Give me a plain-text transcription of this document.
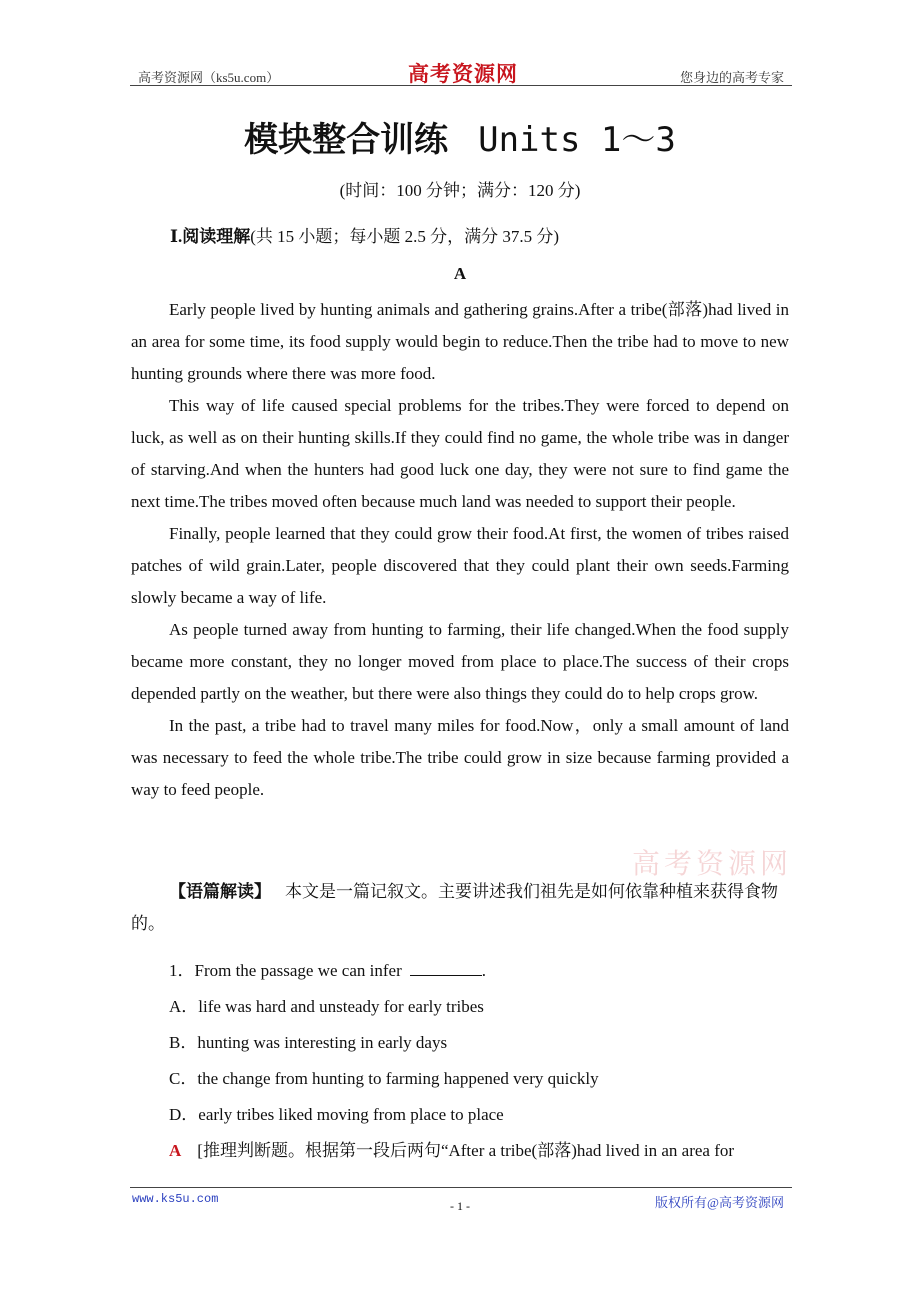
高考资源网（ks5u.com）	高考资源网	您身边的高考专家
模块整合训练 Units 1～3
(时间：100 分钟；满分：120 分)
Ⅰ.阅读理解(共 15 小题；每小题 2.5 分，满分 37.5 分)
A

Early people lived by hunting animals and gathering grains.After a tribe(部落)had lived in an area for some time, its food supply would begin to reduce.Then the tribe had to move to new hunting grounds where there was more food.

This way of life caused special problems for the tribes.They were forced to depend on luck, as well as on their hunting skills.If they could find no game, the whole tribe was in danger of starving.And when the hunters had good luck one day, they were not sure to find game the next time.The tribes moved often because much land was needed to support their people.

Finally, people learned that they could grow their food.At first, the women of tribes raised patches of wild grain.Later, people discovered that they could plant their own seeds.Farming slowly became a way of life.

As people turned away from hunting to farming, their life changed.When the food supply became more constant, they no longer moved from place to place.The success of their crops depended partly on the weather, but there were also things they could do to help crops grow.

In the past, a tribe had to travel many miles for food.Now，only a small amount of land was necessary to feed the whole tribe.The tribe could grow in size because farming provided a way to feed people.

高考资源网
【语篇解读】 本文是一篇记叙文。主要讲述我们祖先是如何依靠种植来获得食物的。
1．From the passage we can infer	.
A．life was hard and unsteady for early tribes
B．hunting was interesting in early days
C．the change from hunting to farming happened very quickly
D．early tribes liked moving from place to place
A [推理判断题。根据第一段后两句“After a tribe(部落)had lived in an area for
www.ks5u.com	- 1 -	版权所有@高考资源网
